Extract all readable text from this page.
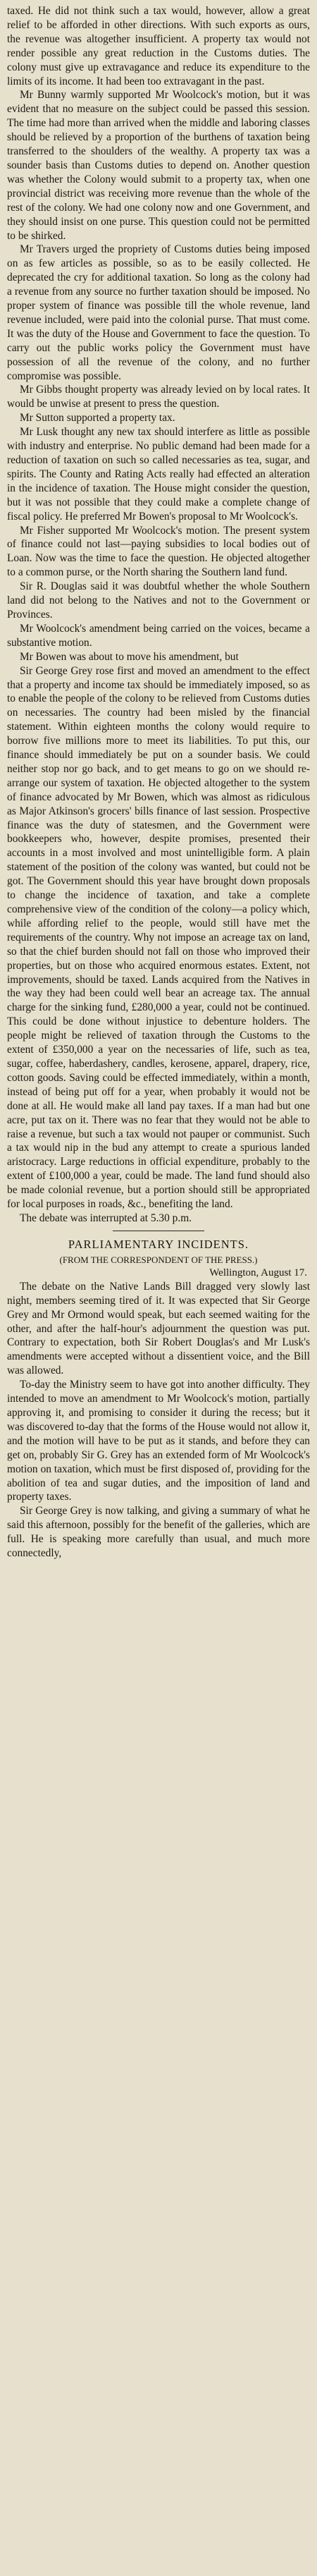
taxed. He did not think such a tax would, however, allow a great relief to be afforded in other directions. With such exports as ours, the revenue was altogether insufficient. A property tax would not render possible any great reduction in the Customs duties. The colony must give up extravagance and reduce its expenditure to the limits of its income. It had been too extravagant in the past.

Mr Bunny warmly supported Mr Woolcock's motion, but it was evident that no measure on the subject could be passed this session. The time had more than arrived when the middle and laboring classes should be relieved by a proportion of the burthens of taxation being transferred to the shoulders of the wealthy. A property tax was a sounder basis than Customs duties to depend on. Another question was whether the Colony would submit to a property tax, when one provincial district was receiving more revenue than the whole of the rest of the colony. We had one colony now and one Government, and they should insist on one purse. This question could not be permitted to be shirked.

Mr Travers urged the propriety of Customs duties being imposed on as few articles as possible, so as to be easily collected. He deprecated the cry for additional taxation. So long as the colony had a revenue from any source no further taxation should be imposed. No proper system of finance was possible till the whole revenue, land revenue included, were paid into the colonial purse. That must come. It was the duty of the House and Government to face the question. To carry out the public works policy the Government must have possession of all the revenue of the colony, and no further compromise was possible.

Mr Gibbs thought property was already levied on by local rates. It would be unwise at present to press the question.

Mr Sutton supported a property tax.

Mr Lusk thought any new tax should interfere as little as possible with industry and enterprise. No public demand had been made for a reduction of taxation on such so called necessaries as tea, sugar, and spirits. The County and Rating Acts really had effected an alteration in the incidence of taxation. The House might consider the question, but it was not possible that they could make a complete change of fiscal policy. He preferred Mr Bowen's proposal to Mr Woolcock's.

Mr Fisher supported Mr Woolcock's motion. The present system of finance could not last—paying subsidies to local bodies out of Loan. Now was the time to face the question. He objected altogether to a common purse, or the North sharing the Southern land fund.

Sir R. Douglas said it was doubtful whether the whole Southern land did not belong to the Natives and not to the Government or Provinces.

Mr Woolcock's amendment being carried on the voices, became a substantive motion.

Mr Bowen was about to move his amendment, but

Sir George Grey rose first and moved an amendment to the effect that a property and income tax should be immediately imposed, so as to enable the people of the colony to be relieved from Customs duties on necessaries. The country had been misled by the financial statement. Within eighteen months the colony would require to borrow five millions more to meet its liabilities. To put this, our finance should immediately be put on a sounder basis. We could neither stop nor go back, and to get means to go on we should re-arrange our system of taxation. He objected altogether to the system of finance advocated by Mr Bowen, which was almost as ridiculous as Major Atkinson's grocers' bills finance of last session. Prospective finance was the duty of statesmen, and the Government were bookkeepers who, however, despite promises, presented their accounts in a most involved and most unintelligible form. A plain statement of the position of the colony was wanted, but could not be got. The Government should this year have brought down proposals to change the incidence of taxation, and take a complete comprehensive view of the condition of the colony—a policy which, while affording relief to the people, would still have met the requirements of the country. Why not impose an acreage tax on land, so that the chief burden should not fall on those who improved their properties, but on those who acquired enormous estates. Extent, not improvements, should be taxed. Lands acquired from the Natives in the way they had been could well bear an acreage tax. The annual charge for the sinking fund, £280,000 a year, could not be continued. This could be done without injustice to debenture holders. The people might be relieved of taxation through the Customs to the extent of £350,000 a year on the necessaries of life, such as tea, sugar, coffee, haberdashery, candles, kerosene, apparel, drapery, rice, cotton goods. Saving could be effected immediately, within a month, instead of being put off for a year, when probably it would not be done at all. He would make all land pay taxes. If a man had but one acre, put tax on it. There was no fear that they would not be able to raise a revenue, but such a tax would not pauper or communist. Such a tax would nip in the bud any attempt to create a spurious landed aristocracy. Large reductions in official expenditure, probably to the extent of £100,000 a year, could be made. The land fund should also be made colonial revenue, but a portion should still be appropriated for local purposes in roads, &c., benefiting the land.

The debate was interrupted at 5.30 p.m.

PARLIAMENTARY INCIDENTS.
(FROM THE CORRESPONDENT OF THE PRESS.)
Wellington, August 17.

The debate on the Native Lands Bill dragged very slowly last night, members seeming tired of it. It was expected that Sir George Grey and Mr Ormond would speak, but each seemed waiting for the other, and after the half-hour's adjournment the question was put. Contrary to expectation, both Sir Robert Douglas's and Mr Lusk's amendments were accepted without a dissentient voice, and the Bill was allowed.

To-day the Ministry seem to have got into another difficulty. They intended to move an amendment to Mr Woolcock's motion, partially approving it, and promising to consider it during the recess; but it was discovered to-day that the forms of the House would not allow it, and the motion will have to be put as it stands, and before they can get on, probably Sir G. Grey has an extended form of Mr Woolcock's motion on taxation, which must be first disposed of, providing for the abolition of tea and sugar duties, and the imposition of land and property taxes.

Sir George Grey is now talking, and giving a summary of what he said this afternoon, possibly for the benefit of the galleries, which are full. He is speaking more carefully than usual, and much more connectedly,
